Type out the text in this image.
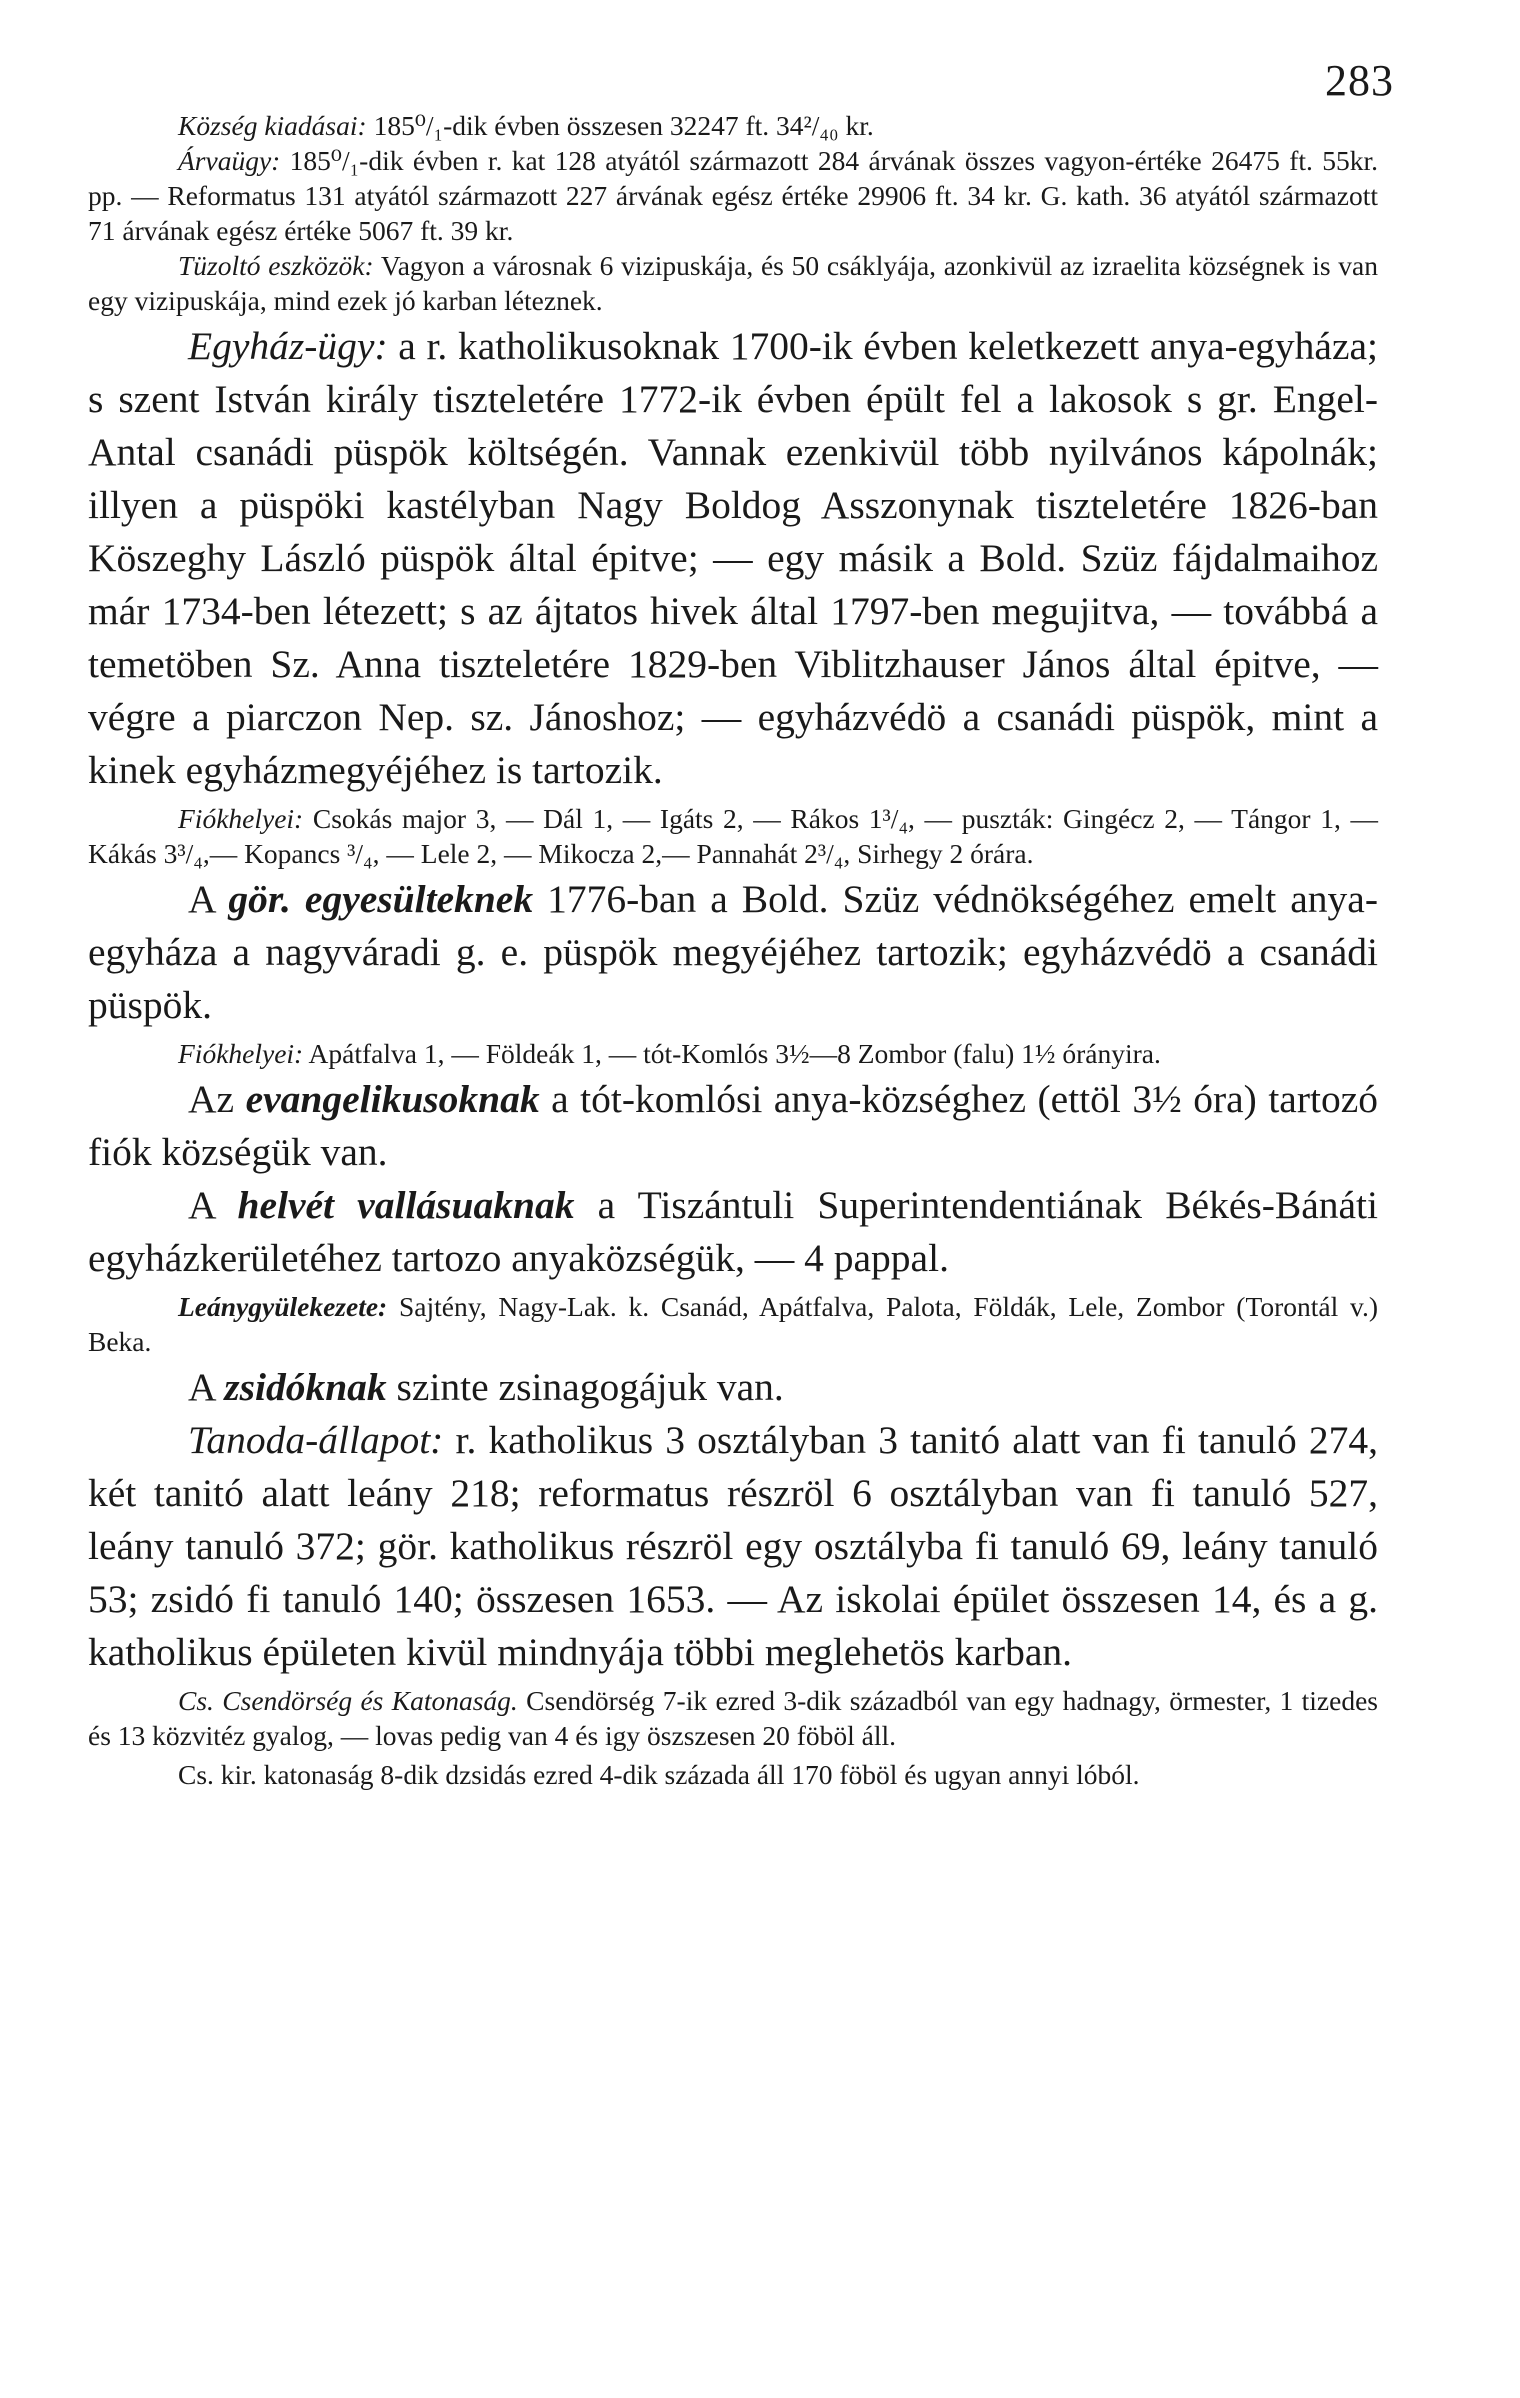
283

Község kiadásai: 185⁰/₁-dik évben összesen 32247 ft. 34²/₄₀ kr.

Árvaügy: 185⁰/₁-dik évben r. kat 128 atyától származott 284 árvának összes vagyon-értéke 26475 ft. 55kr. pp. — Reformatus 131 atyától származott 227 árvának egész értéke 29906 ft. 34 kr. G. kath. 36 atyától származott 71 árvának egész értéke 5067 ft. 39 kr.

Tüzoltó eszközök: Vagyon a városnak 6 vizipuskája, és 50 csáklyája, azonkivül az izraelita községnek is van egy vizipuskája, mind ezek jó karban léteznek.

Egyház-ügy: a r. katholikusoknak 1700-ik évben keletkezett anya-egyháza; s szent István király tiszteletére 1772-ik évben épült fel a lakosok s gr. Engel-Antal csanádi püspök költségén. Vannak ezenkivül több nyilvános kápolnák; illyen a püspöki kastélyban Nagy Boldog Asszonynak tiszteletére 1826-ban Köszeghy László püspök által épitve; — egy másik a Bold. Szüz fájdalmaihoz már 1734-ben létezett; s az ájtatos hivek által 1797-ben megujitva, — továbbá a temetöben Sz. Anna tiszteletére 1829-ben Viblitzhauser János által épitve, — végre a piarczon Nep. sz. Jánoshoz; — egyházvédö a csanádi püspök, mint a kinek egyházmegyéjéhez is tartozik.

Fiókhelyei: Csokás major 3, — Dál 1, — Igáts 2, — Rákos 1³/₄, — puszták: Gingécz 2, — Tángor 1, — Kákás 3³/₄,— Kopancs ³/₄, — Lele 2, — Mikocza 2,— Pannahát 2³/₄, Sirhegy 2 órára.

A gör. egyesülteknek 1776-ban a Bold. Szüz védnökségéhez emelt anya-egyháza a nagyváradi g. e. püspök megyéjéhez tartozik; egyházvédö a csanádi püspök.

Fiókhelyei: Apátfalva 1, — Földeák 1, — tót-Komlós 3½—8 Zombor (falu) 1½ órányira.

Az evangelikusoknak a tót-komlósi anya-községhez (ettöl 3½ óra) tartozó fiók községük van.

A helvét vallásuaknak a Tiszántuli Superintendentiának Békés-Bánáti egyházkerületéhez tartozo anyaközségük, — 4 pappal.

Leánygyülekezete: Sajtény, Nagy-Lak. k. Csanád, Apátfalva, Palota, Földák, Lele, Zombor (Torontál v.) Beka.

A zsidóknak szinte zsinagogájuk van.

Tanoda-állapot: r. katholikus 3 osztályban 3 tanitó alatt van fi tanuló 274, két tanitó alatt leány 218; reformatus részröl 6 osztályban van fi tanuló 527, leány tanuló 372; gör. katholikus részröl egy osztályba fi tanuló 69, leány tanuló 53; zsidó fi tanuló 140; összesen 1653. — Az iskolai épület összesen 14, és a g. katholikus épületen kivül mindnyája többi meglehetös karban.

Cs. Csendörség és Katonaság. Csendörség 7-ik ezred 3-dik századból van egy hadnagy, örmester, 1 tizedes és 13 közvitéz gyalog, — lovas pedig van 4 és igy öszszesen 20 föböl áll.

Cs. kir. katonaság 8-dik dzsidás ezred 4-dik százada áll 170 föböl és ugyan annyi lóból.
